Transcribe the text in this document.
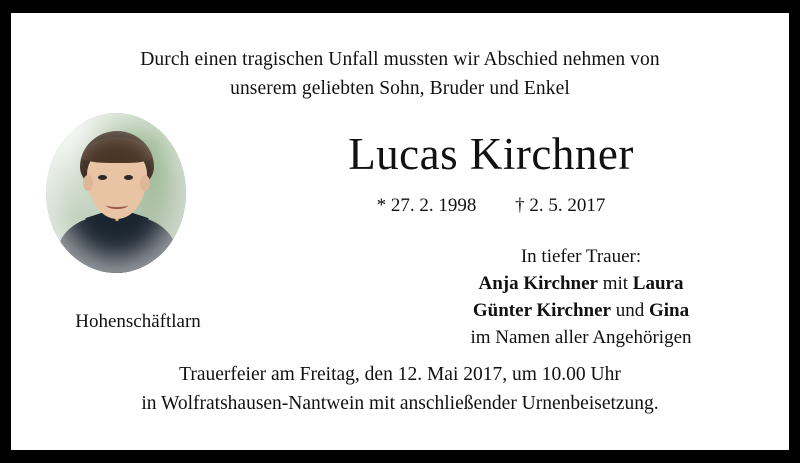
Durch einen tragischen Unfall mussten wir Abschied nehmen von
unserem geliebten Sohn, Bruder und Enkel
Lucas Kirchner
* 27. 2. 1998 † 2. 5. 2017
In tiefer Trauer:
Anja Kirchner mit Laura
Günter Kirchner und Gina
im Namen aller Angehörigen
Hohenschäftlarn
Trauerfeier am Freitag, den 12. Mai 2017, um 10.00 Uhr
in Wolfratshausen-Nantwein mit anschließender Urnenbeisetzung.
